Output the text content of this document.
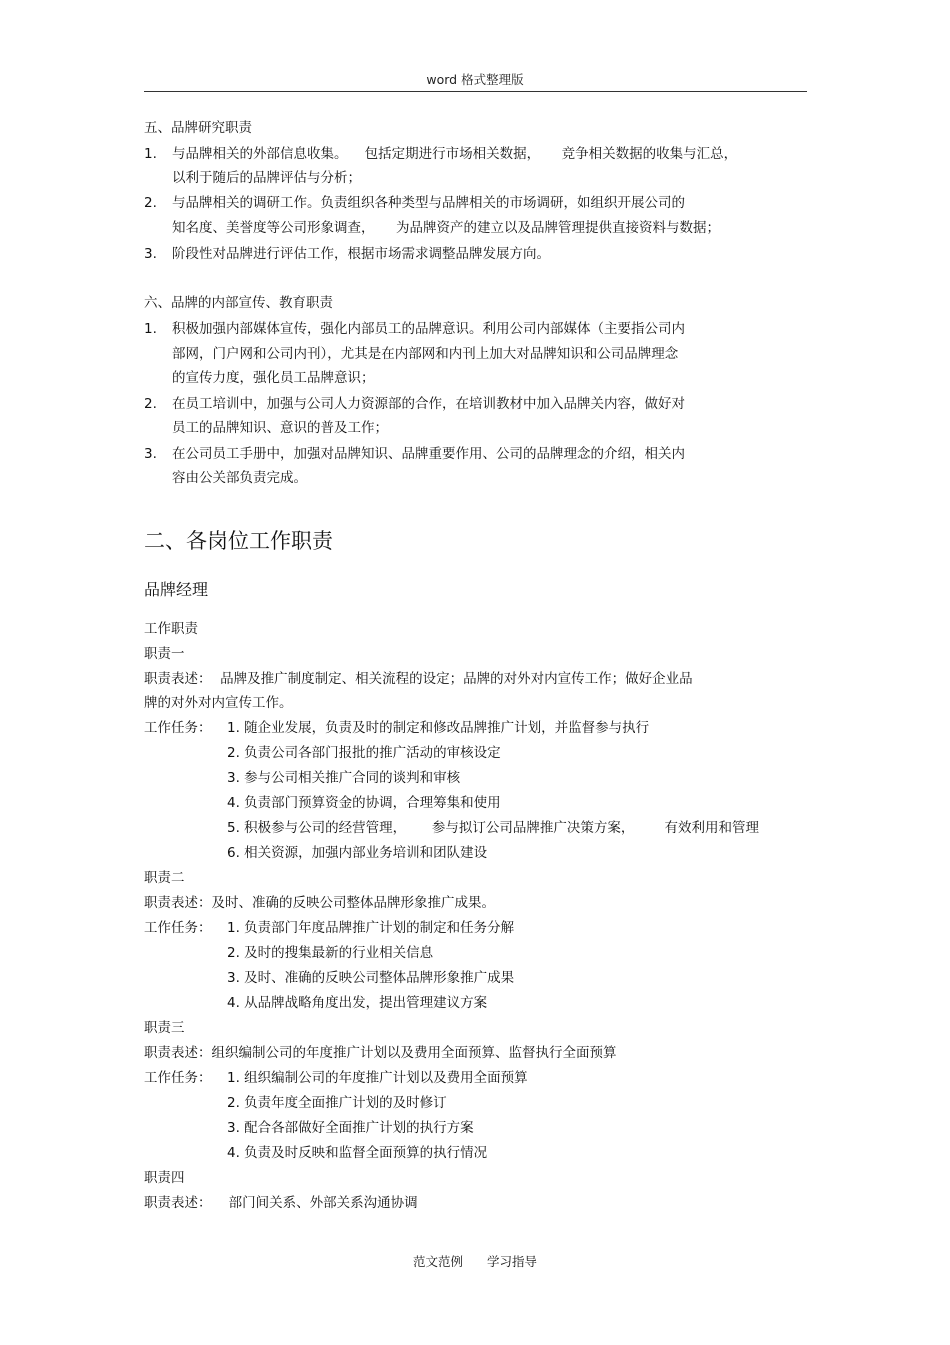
word 格式整理版
五、品牌研究职责
1. 与品牌相关的外部信息收集。    包括定期进行市场相关数据，     竞争相关数据的收集与汇总，
以利于随后的品牌评估与分析；
2. 与品牌相关的调研工作。负责组织各种类型与品牌相关的市场调研，如组织开展公司的
知名度、美誉度等公司形象调查，     为品牌资产的建立以及品牌管理提供直接资料与数据；
3. 阶段性对品牌进行评估工作，根据市场需求调整品牌发展方向。
六、品牌的内部宣传、教育职责
1. 积极加强内部媒体宣传，强化内部员工的品牌意识。利用公司内部媒体（主要指公司内
部网，门户网和公司内刊），尤其是在内部网和内刊上加大对品牌知识和公司品牌理念
的宣传力度，强化员工品牌意识；
2. 在员工培训中，加强与公司人力资源部的合作，在培训教材中加入品牌关内容，做好对
员工的品牌知识、意识的普及工作；
3. 在公司员工手册中，加强对品牌知识、品牌重要作用、公司的品牌理念的介绍，相关内
容由公关部负责完成。
二、各岗位工作职责
品牌经理
工作职责
职责一
职责表述：  品牌及推广制度制定、相关流程的设定；品牌的对外对内宣传工作；做好企业品
牌的对外对内宣传工作。
工作任务： 1. 随企业发展，负责及时的制定和修改品牌推广计划，并监督参与执行
2. 负责公司各部门报批的推广活动的审核设定
3. 参与公司相关推广合同的谈判和审核
4. 负责部门预算资金的协调，合理筹集和使用
5. 积极参与公司的经营管理，      参与拟订公司品牌推广决策方案，       有效利用和管理
6. 相关资源，加强内部业务培训和团队建设
职责二
职责表述：及时、准确的反映公司整体品牌形象推广成果。
工作任务： 1. 负责部门年度品牌推广计划的制定和任务分解
2. 及时的搜集最新的行业相关信息
3. 及时、准确的反映公司整体品牌形象推广成果
4. 从品牌战略角度出发，提出管理建议方案
职责三
职责表述：组织编制公司的年度推广计划以及费用全面预算、监督执行全面预算
工作任务： 1. 组织编制公司的年度推广计划以及费用全面预算
2. 负责年度全面推广计划的及时修订
3. 配合各部做好全面推广计划的执行方案
4. 负责及时反映和监督全面预算的执行情况
职责四
职责表述：    部门间关系、外部关系沟通协调
范文范例 学习指导
